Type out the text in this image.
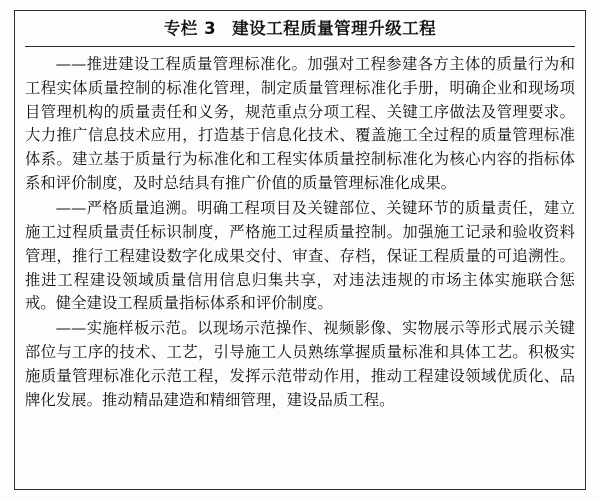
专栏 3 建设工程质量管理升级工程

——推进建设工程质量管理标准化。加强对工程参建各方主体的质量行为和工程实体质量控制的标准化管理，制定质量管理标准化手册，明确企业和现场项目管理机构的质量责任和义务，规范重点分项工程、关键工序做法及管理要求。大力推广信息技术应用，打造基于信息化技术、覆盖施工全过程的质量管理标准体系。建立基于质量行为标准化和工程实体质量控制标准化为核心内容的指标体系和评价制度，及时总结具有推广价值的质量管理标准化成果。

——严格质量追溯。明确工程项目及关键部位、关键环节的质量责任，建立施工过程质量责任标识制度，严格施工过程质量控制。加强施工记录和验收资料管理，推行工程建设数字化成果交付、审查、存档，保证工程质量的可追溯性。推进工程建设领域质量信用信息归集共享，对违法违规的市场主体实施联合惩戒。健全建设工程质量指标体系和评价制度。

——实施样板示范。以现场示范操作、视频影像、实物展示等形式展示关键部位与工序的技术、工艺，引导施工人员熟练掌握质量标准和具体工艺。积极实施质量管理标准化示范工程，发挥示范带动作用，推动工程建设领域优质化、品牌化发展。推动精品建造和精细管理，建设品质工程。
